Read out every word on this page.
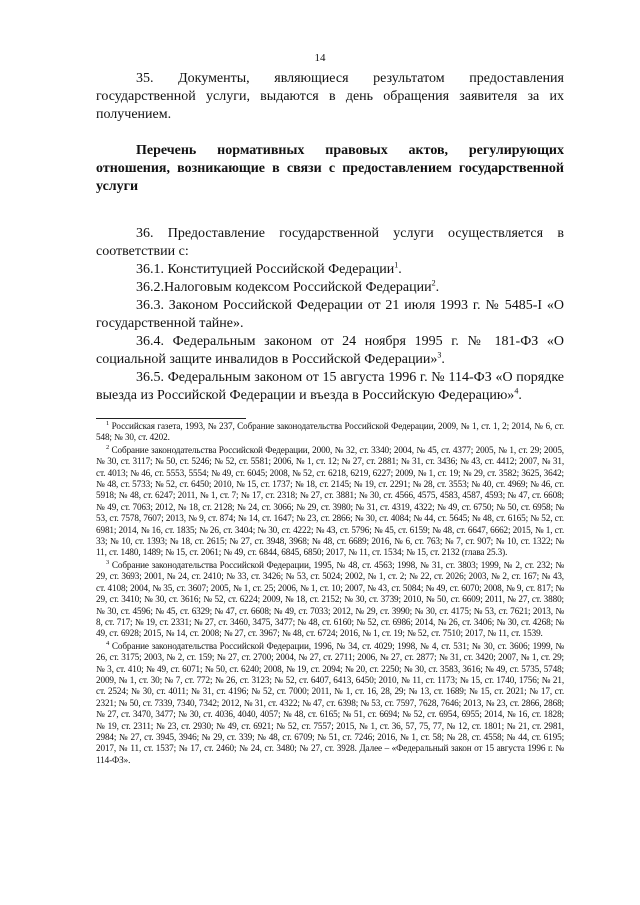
14

35. Документы, являющиеся результатом предоставления государственной услуги, выдаются в день обращения заявителя за их получением.

Перечень нормативных правовых актов, регулирующих отношения, возникающие в связи с предоставлением государственной услуги

36. Предоставление государственной услуги осуществляется в соответствии с:

36.1. Конституцией Российской Федерации$^1$.

36.2.Налоговым кодексом Российской Федерации$^2$.

36.3. Законом Российской Федерации от 21 июля 1993 г. № 5485-I «О государственной тайне».

36.4. Федеральным законом от 24 ноября 1995 г. № 181-ФЗ «О социальной защите инвалидов в Российской Федерации»$^3$.

36.5. Федеральным законом от 15 августа 1996 г. № 114-ФЗ «О порядке выезда из Российской Федерации и въезда в Российскую Федерацию»$^4$.

$^1$ Российская газета, 1993, № 237, Собрание законодательства Российской Федерации, 2009, № 1, ст. 1, 2; 2014, № 6, ст. 548; № 30, ст. 4202.

$^2$ Собрание законодательства Российской Федерации, 2000, № 32, ст. 3340; 2004, № 45, ст. 4377; 2005, № 1, ст. 29; 2005, № 30, ст. 3117; № 50, ст. 5246; № 52, ст. 5581; 2006, № 1, ст. 12; № 27, ст. 2881; № 31, ст. 3436; № 43, ст. 4412; 2007, № 31, ст. 4013; № 46, ст. 5553, 5554; № 49, ст. 6045; 2008, № 52, ст. 6218, 6219, 6227; 2009, № 1, ст. 19; № 29, ст. 3582; 3625, 3642; № 48, ст. 5733; № 52, ст. 6450; 2010, № 15, ст. 1737; № 18, ст. 2145; № 19, ст. 2291; № 28, ст. 3553; № 40, ст. 4969; № 46, ст. 5918; № 48, ст. 6247; 2011, № 1, ст. 7; № 17, ст. 2318; № 27, ст. 3881; № 30, ст. 4566, 4575, 4583, 4587, 4593; № 47, ст. 6608; № 49, ст. 7063; 2012, № 18, ст. 2128; № 24, ст. 3066; № 29, ст. 3980; № 31, ст. 4319, 4322; № 49, ст. 6750; № 50, ст. 6958; № 53, ст. 7578, 7607; 2013, № 9, ст. 874; № 14, ст. 1647; № 23, ст. 2866; № 30, ст. 4084; № 44, ст. 5645; № 48, ст. 6165; № 52, ст. 6981; 2014, № 16, ст. 1835; № 26, ст. 3404; № 30, ст. 4222; № 43, ст. 5796; № 45, ст. 6159; № 48, ст. 6647, 6662; 2015, № 1, ст. 33; № 10, ст. 1393; № 18, ст. 2615; № 27, ст. 3948, 3968; № 48, ст. 6689; 2016, № 6, ст. 763; № 7, ст. 907; № 10, ст. 1322; № 11, ст. 1480, 1489; № 15, ст. 2061; № 49, ст. 6844, 6845, 6850; 2017, № 11, ст. 1534; № 15, ст. 2132 (глава 25.3).

$^3$ Собрание законодательства Российской Федерации, 1995, № 48, ст. 4563; 1998, № 31, ст. 3803; 1999, № 2, ст. 232; № 29, ст. 3693; 2001, № 24, ст. 2410; № 33, ст. 3426; № 53, ст. 5024; 2002, № 1, ст. 2; № 22, ст. 2026; 2003, № 2, ст. 167; № 43, ст. 4108; 2004, № 35, ст. 3607; 2005, № 1, ст. 25; 2006, № 1, ст. 10; 2007, № 43, ст. 5084; № 49, ст. 6070; 2008, № 9, ст. 817; № 29, ст. 3410; № 30, ст. 3616; № 52, ст. 6224; 2009, № 18, ст. 2152; № 30, ст. 3739; 2010, № 50, ст. 6609; 2011, № 27, ст. 3880; № 30, ст. 4596; № 45, ст. 6329; № 47, ст. 6608; № 49, ст. 7033; 2012, № 29, ст. 3990; № 30, ст. 4175; № 53, ст. 7621; 2013, № 8, ст. 717; № 19, ст. 2331; № 27, ст. 3460, 3475, 3477; № 48, ст. 6160; № 52, ст. 6986; 2014, № 26, ст. 3406; № 30, ст. 4268; № 49, ст. 6928; 2015, № 14, ст. 2008; № 27, ст. 3967; № 48, ст. 6724; 2016, № 1, ст. 19; № 52, ст. 7510; 2017, № 11, ст. 1539.

$^4$ Собрание законодательства Российской Федерации, 1996, № 34, ст. 4029; 1998, № 4, ст. 531; № 30, ст. 3606; 1999, № 26, ст. 3175; 2003, № 2, ст. 159; № 27, ст. 2700; 2004, № 27, ст. 2711; 2006, № 27, ст. 2877; № 31, ст. 3420; 2007, № 1, ст. 29; № 3, ст. 410; № 49, ст. 6071; № 50, ст. 6240; 2008, № 19, ст. 2094; № 20, ст. 2250; № 30, ст. 3583, 3616; № 49, ст. 5735, 5748; 2009, № 1, ст. 30; № 7, ст. 772; № 26, ст. 3123; № 52, ст. 6407, 6413, 6450; 2010, № 11, ст. 1173; № 15, ст. 1740, 1756; № 21, ст. 2524; № 30, ст. 4011; № 31, ст. 4196; № 52, ст. 7000; 2011, № 1, ст. 16, 28, 29; № 13, ст. 1689; № 15, ст. 2021; № 17, ст. 2321; № 50, ст. 7339, 7340, 7342; 2012, № 31, ст. 4322; № 47, ст. 6398; № 53, ст. 7597, 7628, 7646; 2013, № 23, ст. 2866, 2868; № 27, ст. 3470, 3477; № 30, ст. 4036, 4040, 4057; № 48, ст. 6165; № 51, ст. 6694; № 52, ст. 6954, 6955; 2014, № 16, ст. 1828; № 19, ст. 2311; № 23, ст. 2930; № 49, ст. 6921; № 52, ст. 7557; 2015, № 1, ст. 36, 57, 75, 77, № 12, ст. 1801; № 21, ст. 2981, 2984; № 27, ст. 3945, 3946; № 29, ст. 339; № 48, ст. 6709; № 51, ст. 7246; 2016, № 1, ст. 58; № 28, ст. 4558; № 44, ст. 6195; 2017, № 11, ст. 1537; № 17, ст. 2460; № 24, ст. 3480; № 27, ст. 3928. Далее – «Федеральный закон от 15 августа 1996 г. № 114-ФЗ».
